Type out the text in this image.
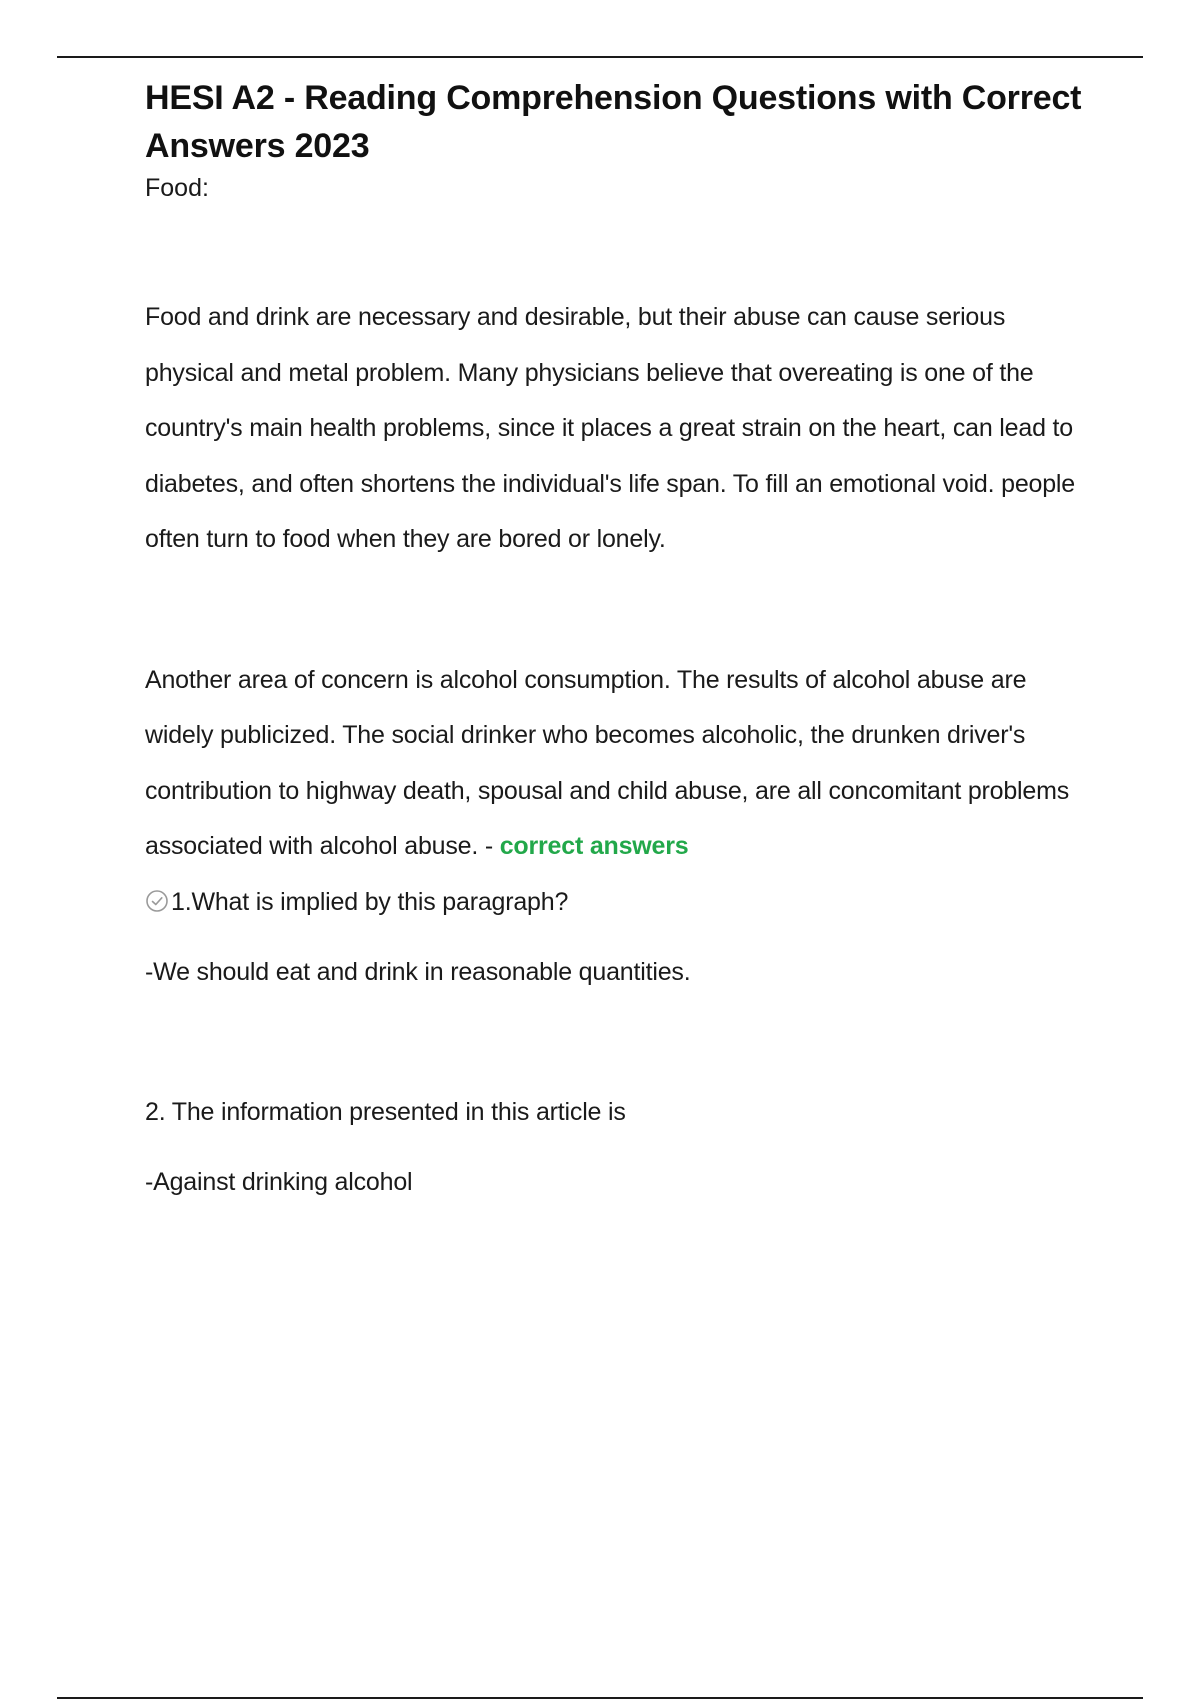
HESI A2 - Reading Comprehension Questions with Correct Answers 2023

Food:

Food and drink are necessary and desirable, but their abuse can cause serious physical and metal problem. Many physicians believe that overeating is one of the country's main health problems, since it places a great strain on the heart, can lead to diabetes, and often shortens the individual's life span. To fill an emotional void. people often turn to food when they are bored or lonely.

Another area of concern is alcohol consumption. The results of alcohol abuse are widely publicized. The social drinker who becomes alcoholic, the drunken driver's contribution to highway death, spousal and child abuse, are all concomitant problems associated with alcohol abuse. - correct answers
1.What is implied by this paragraph?

-We should eat and drink in reasonable quantities.

2. The information presented in this article is

-Against drinking alcohol
